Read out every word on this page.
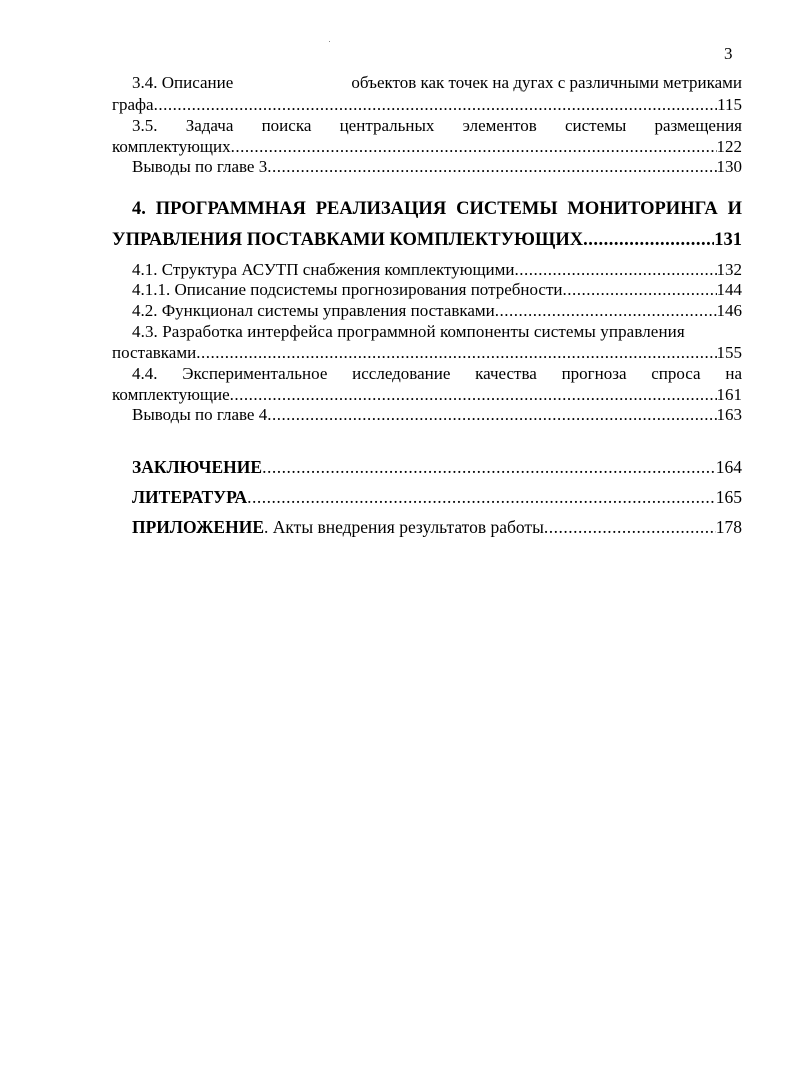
3
3.4. Описание	объектов как точек на дугах с различными метриками
графа .....	115
3.5. Задача поиска центральных элементов системы размещения
комплектующих .....	122
Выводы по главе 3 .....	130
4. ПРОГРАММНАЯ РЕАЛИЗАЦИЯ СИСТЕМЫ МОНИТОРИНГА И
УПРАВЛЕНИЯ ПОСТАВКАМИ КОМПЛЕКТУЮЩИХ .....	131
4.1. Структура АСУТП снабжения комплектующими .....	132
4.1.1. Описание подсистемы прогнозирования потребности .....	144
4.2. Функционал системы управления поставками .....	146
4.3. Разработка интерфейса программной компоненты системы управления
поставками .....	155
4.4. Экспериментальное исследование качества прогноза спроса на
комплектующие .....	161
Выводы по главе 4 .....	163
ЗАКЛЮЧЕНИЕ .....	164
ЛИТЕРАТУРА .....	165
ПРИЛОЖЕНИЕ. Акты внедрения результатов работы .....	178
